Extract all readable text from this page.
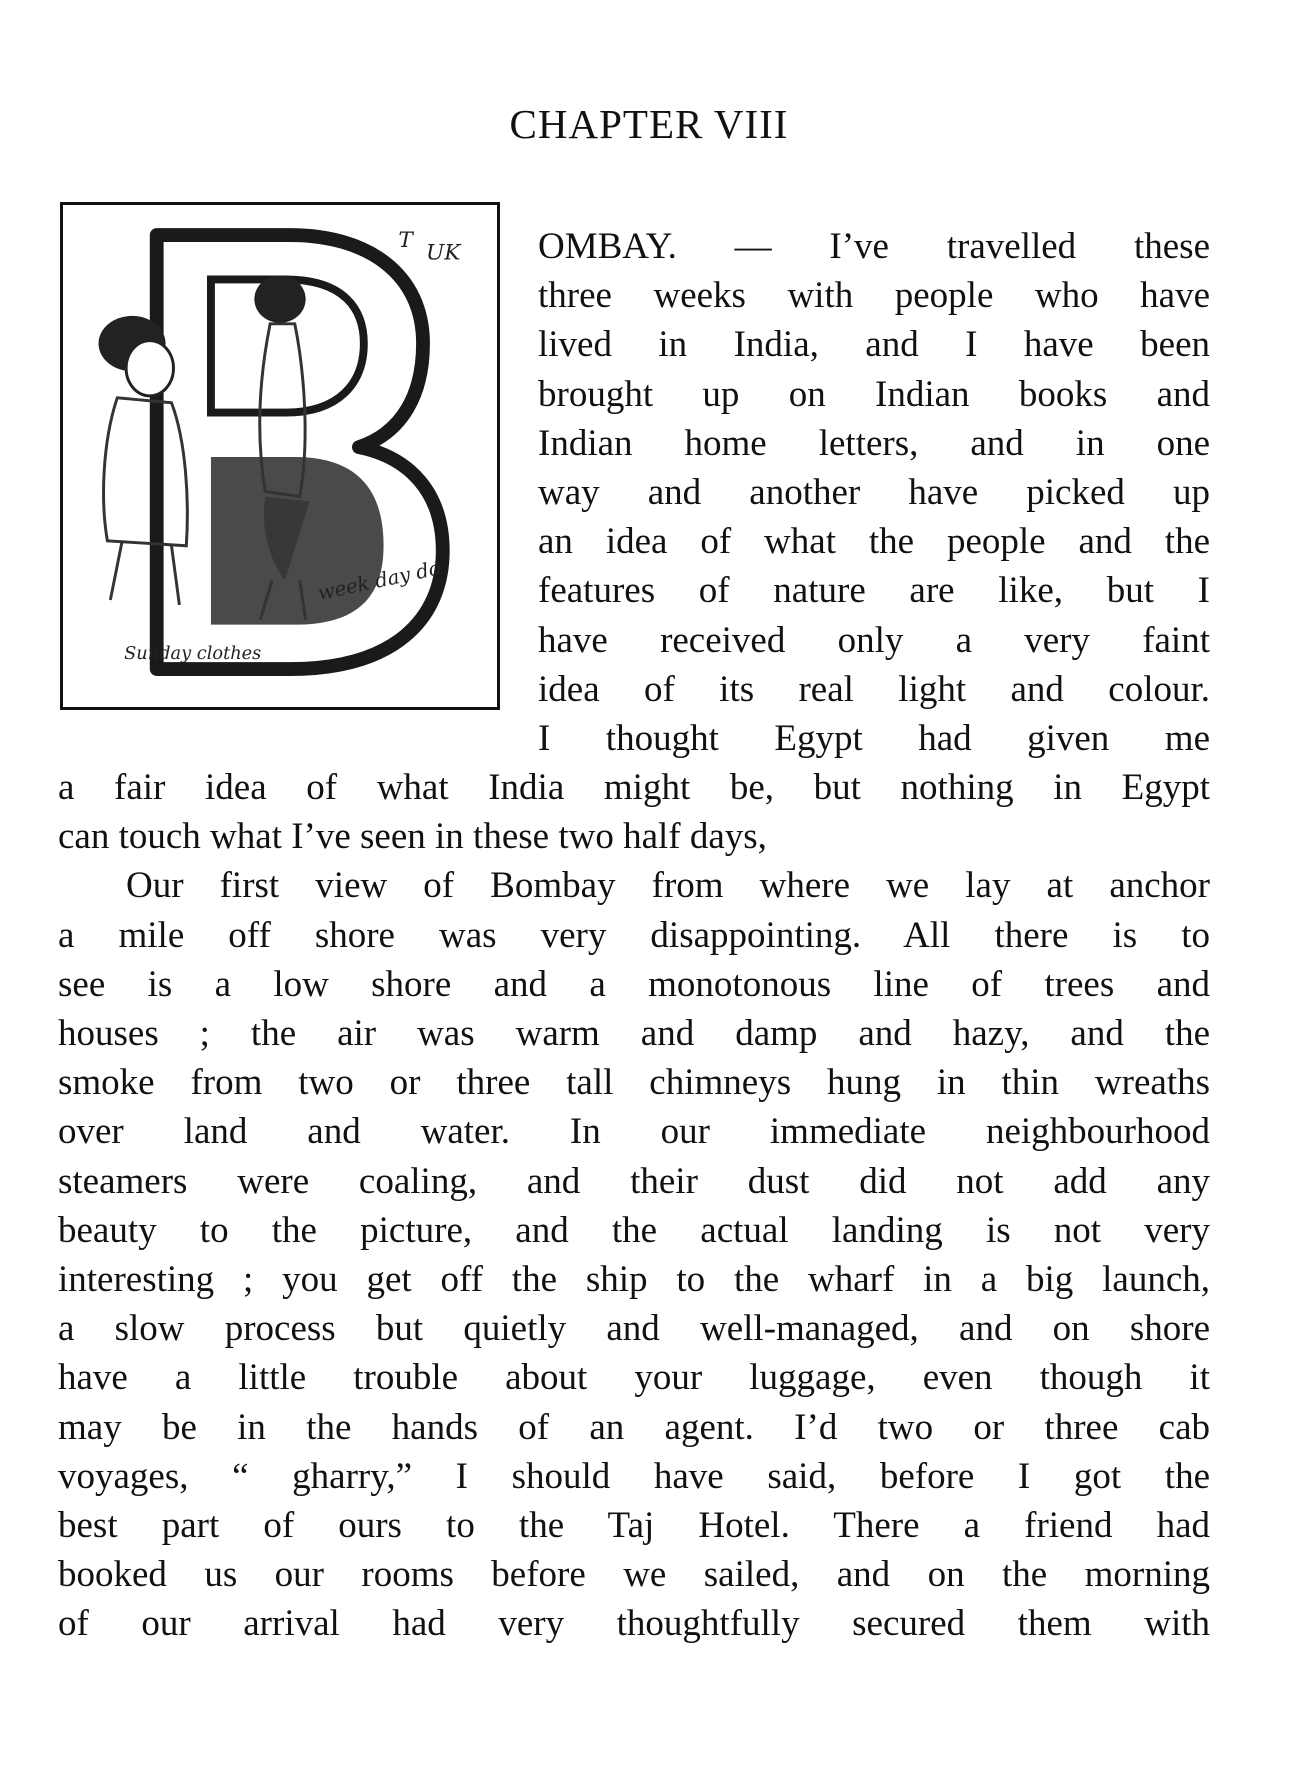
CHAPTER VIII
T
UK
week day do
Sunday clothes
OMBAY. — I’ve travelled these
three weeks with people who have
lived in India, and I have been
brought up on Indian books and
Indian home letters, and in one
way and another have picked up
an idea of what the people and the
features of nature are like, but I
have received only a very faint
idea of its real light and colour.
I thought Egypt had given me
a fair idea of what India might be, but nothing in Egypt
can touch what I’ve seen in these two half days,
Our first view of Bombay from where we lay at anchor
a mile off shore was very disappointing. All there is to
see is a low shore and a monotonous line of trees and
houses ; the air was warm and damp and hazy, and the
smoke from two or three tall chimneys hung in thin wreaths
over land and water. In our immediate neighbourhood
steamers were coaling, and their dust did not add any
beauty to the picture, and the actual landing is not very
interesting ; you get off the ship to the wharf in a big launch,
a slow process but quietly and well-managed, and on shore
have a little trouble about your luggage, even though it
may be in the hands of an agent. I’d two or three cab
voyages, “ gharry,” I should have said, before I got the
best part of ours to the Taj Hotel. There a friend had
booked us our rooms before we sailed, and on the morning
of our arrival had very thoughtfully secured them with
